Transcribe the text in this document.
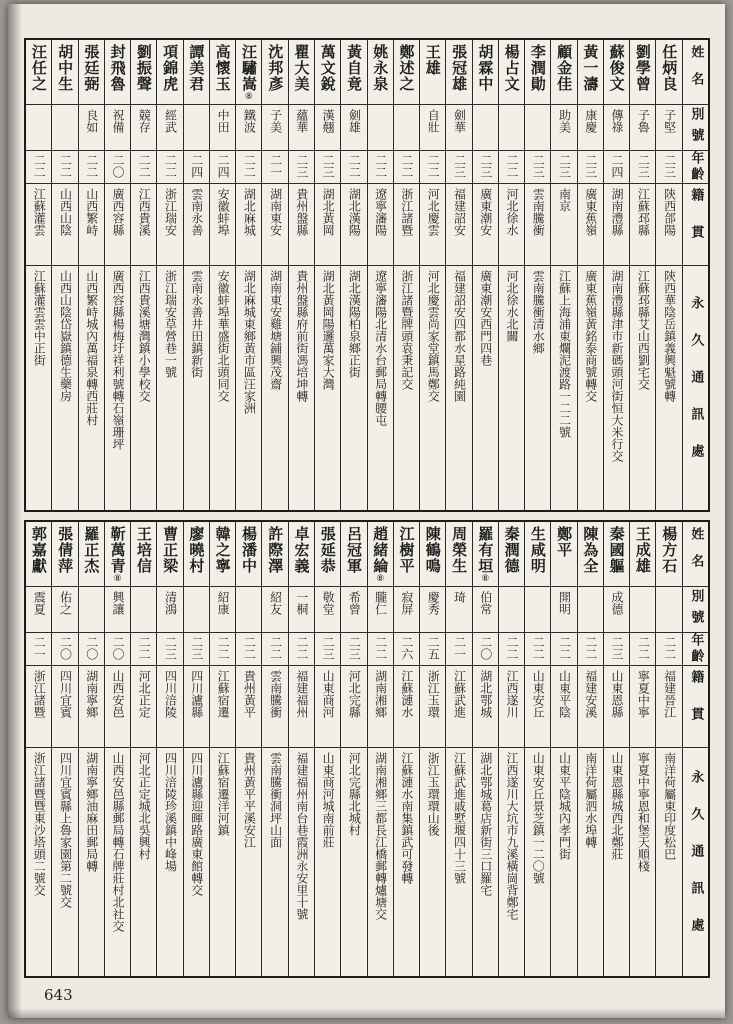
姓名
別號
年齡
籍貫
永久通訊處
任炳良
子堅
二三
陝西郃陽
陝西華陰岳鎮義興魁號轉
劉學曾
子魯
二三
江蘇邳縣
江蘇邳縣艾山西劉宅交
蘇俊文
傳祿
二四
湖南澧縣
湖南澧縣津市新碼頭河街恒大米行交
黃一濤
康慶
二三
廣東蕉嶺
廣東蕉嶺黃銘泰商號轉交
顧金佳
助美
二三
南京
江蘇上海浦東爛泥渡路一二二號
李潤勛
二三
雲南騰衝
雲南騰衝清水鄉
楊占文
二二
河北徐水
河北徐水北關
胡霖中
二三
廣東潮安
廣東潮安西門四巷
張冠雄
劍華
二三
福建詔安
福建詔安四都水星路純園
王雄
自壯
二二
河北慶雲
河北慶雲尚家堂鎮馬鄭交
鄭述之
二二
浙江諸暨
浙江諸暨牌頭袁秉記交
姚永泉
二二
遼寧瀋陽
遼寧瀋陽北清水台郵局轉腰屯
黃自竟
劍雄
二二
湖北漢陽
湖北漢陽柏泉鄉正街
萬文銳
漢翹
二三
湖北黃岡
湖北黃岡陽邏萬家大灣
瞿大美
蘊華
二三
貴州盤縣
貴州盤縣府前街馮培坤轉
沈邦彥
子美
二一
湖南東安
湖南東安雞塘鋪興茂齋
汪驌嵩⑧
鐵波
二二
湖北麻城
湖北麻城東鄉黃市區汪家洲
高懷玉
中田
二四
安徽蚌埠
安徽蚌埠華盛街北頭同交
譚美君
二四
雲南永善
雲南永善井田鎮新街
項錦虎
經武
二二
浙江瑞安
浙江瑞安草營巷一號
劉振聲
競存
二二
江西貴溪
江西貴溪塘灣鎮小學校交
封飛魯
祝備
二〇
廣西容縣
廣西容縣楊梅圩祥利號轉石嶺珊坪
張廷弼
良如
二二
山西繁峙
山西繁峙城內萬福泉轉西莊村
胡中生
二二
山西山陰
山西山陰岱嶽鎮德生藥房
汪任之
二二
江蘇灌雲
江蘇灌雲雲中正街
姓名
別號
年齡
籍貫
永久通訊處
楊方石
二二
福建晉江
南洋荷屬東印度松巴
王成雄
二二
寧夏中寧
寧夏中寧恩和堡天順棧
秦國軀
成德
二三
山東恩縣
山東恩縣城西北鄭莊
陳為全
二二
福建安溪
南洋荷屬泗水埠轉
鄭平
開明
二二
山東平陰
山東平陰城內孝門街
生咸明
二二
山東安丘
山東安丘景芝鎮一二〇號
秦潤德
二二
江西遂川
江西遂川大坑市九溪橫崗背鄭宅
羅有垣⑧
伯常
二〇
湖北鄂城
湖北鄂城葛店新街三口羅宅
周榮生
琦
二一
江蘇武進
江蘇武進戚墅堰四十三號
陳鶴鳴
慶秀
二五
浙江玉環
浙江玉環環山後
江樹平
寂屏
二六
江蘇漣水
江蘇漣水南集鎮武可發轉
趙緒綸⑧
朧仁
二二
湖南湘鄉
湖南湘鄉三都長江橋郵轉爐塘交
呂冠軍
希曾
二三
河北完縣
河北完縣北城村
張延恭
敬堂
二三
山東商河
山東商河城南前莊
卓宏義
一桐
二二
福建福州
福建福州南台巷霞洲永安里十號
許際澤
紹友
二二
雲南騰衝
雲南騰衝洞坪山面
楊潘中
二二
貴州黃平
貴州黃平平溪安江
韓之寧
紹康
二二
江蘇宿遷
江蘇宿遷洋河鎮
廖曉村
二三
四川瀘縣
四川瀘縣迎暉路廣東館轉交
曹正梁
清鴻
二三
四川涪陵
四川涪陵珍溪鎮中峰場
王培信
二二
河北正定
河北正定城北吳興村
靳萬青⑧
興讓
二〇
山西安邑
山西安邑縣郵局轉石牌莊村北社交
羅正杰
二〇
湖南寧鄉
湖南寧鄉油麻田郵局轉
張倩萍
佑之
二〇
四川宜賓
四川宜賓縣上魯家園第二號交
郭嘉獻
震夏
二一
浙江諸暨
浙江諸暨暨東沙塔頭二號交
643
